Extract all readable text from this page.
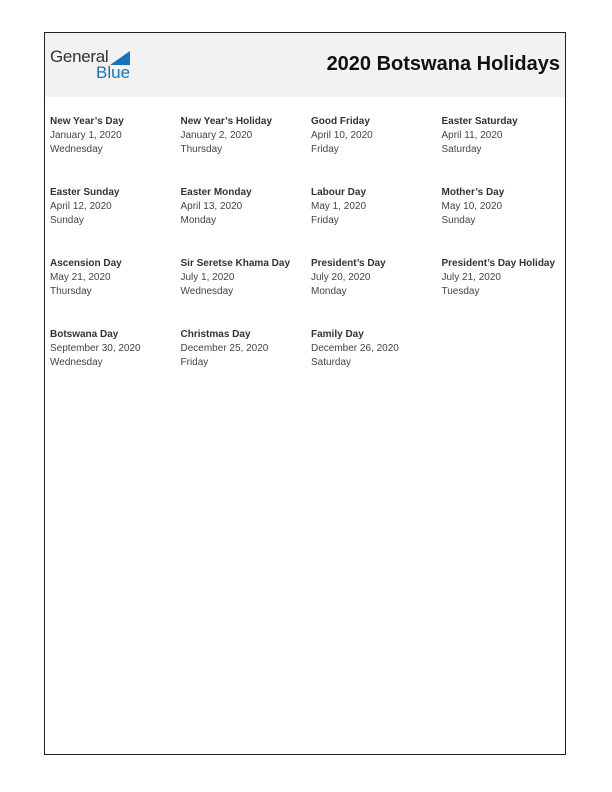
General
Blue	2020 Botswana Holidays
New Year’s Day
January 1, 2020
Wednesday
New Year’s Holiday
January 2, 2020
Thursday
Good Friday
April 10, 2020
Friday
Easter Saturday
April 11, 2020
Saturday
Easter Sunday
April 12, 2020
Sunday
Easter Monday
April 13, 2020
Monday
Labour Day
May 1, 2020
Friday
Mother’s Day
May 10, 2020
Sunday
Ascension Day
May 21, 2020
Thursday
Sir Seretse Khama Day
July 1, 2020
Wednesday
President’s Day
July 20, 2020
Monday
President’s Day Holiday
July 21, 2020
Tuesday
Botswana Day
September 30, 2020
Wednesday
Christmas Day
December 25, 2020
Friday
Family Day
December 26, 2020
Saturday
